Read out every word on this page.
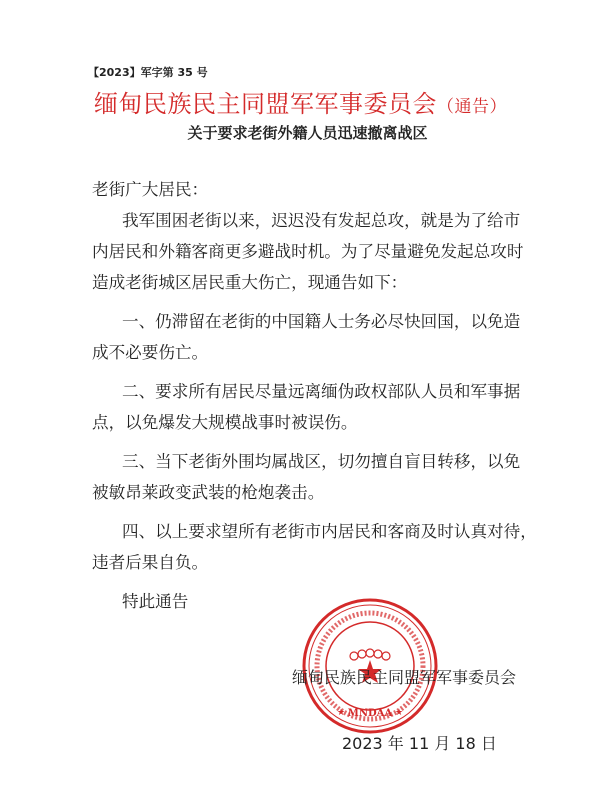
【2023】军字第 35 号
缅甸民族民主同盟军军事委员会（通告）
关于要求老街外籍人员迅速撤离战区
老街广大居民：
我军围困老街以来，迟迟没有发起总攻，就是为了给市
内居民和外籍客商更多避战时机。为了尽量避免发起总攻时
造成老街城区居民重大伤亡，现通告如下：
一、仍滞留在老街的中国籍人士务必尽快回国，以免造
成不必要伤亡。
二、要求所有居民尽量远离缅伪政权部队人员和军事据
点，以免爆发大规模战事时被误伤。
三、当下老街外围均属战区，切勿擅自盲目转移，以免
被敏昂莱政变武装的枪炮袭击。
四、以上要求望所有老街市内居民和客商及时认真对待，
违者后果自负。
特此通告
MNDAA
★	★
缅甸民族民主同盟军军事委员会
2023 年 11 月 18 日
